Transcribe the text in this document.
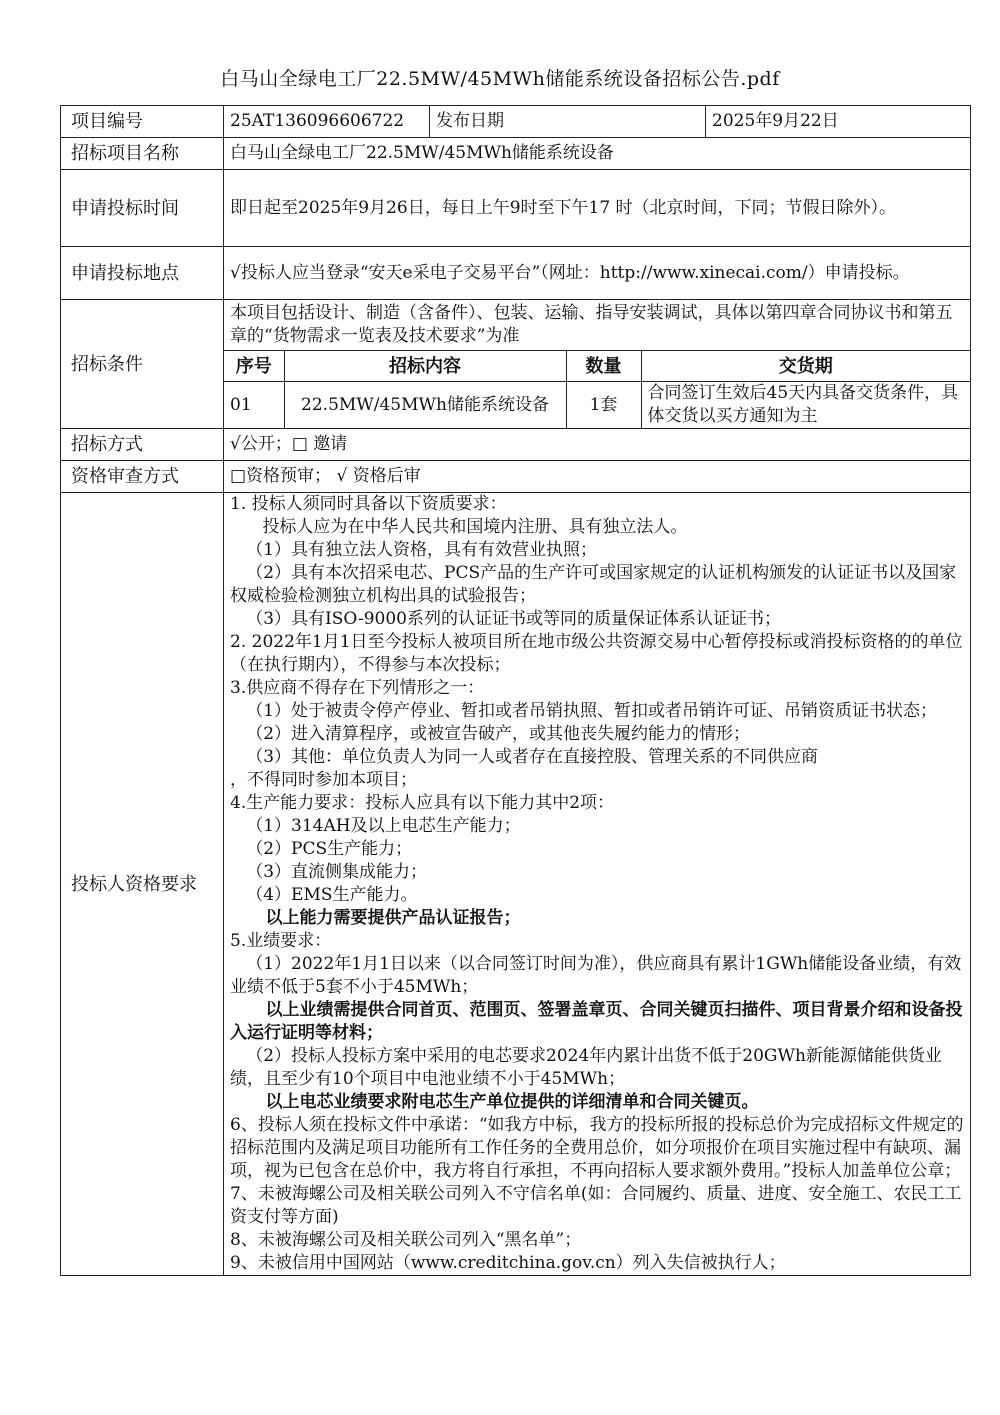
白马山全绿电工厂22.5MW/45MWh储能系统设备招标公告.pdf
项目编号	25AT136096606722	发布日期	2025年9月22日
招标项目名称	白马山全绿电工厂22.5MW/45MWh储能系统设备
申请投标时间	即日起至2025年9月26日，每日上午9时至下午17 时（北京时间，下同；节假日除外）。
申请投标地点	√投标人应当登录“安天e采电子交易平台”（网址：http://www.xinecai.com/）申请投标。
招标条件	
本项目包括设计、制造（含备件）、包装、运输、指导安装调试，具体以第四章合同协议书和第五章的“货物需求一览表及技术要求”为准
序号	招标内容	数量	交货期
01	22.5MW/45MWh储能系统设备	1套	合同签订生效后45天内具备交货条件，具体交货以买方通知为主

招标方式	√公开；□ 邀请
资格审查方式	□资格预审； √ 资格后审
投标人资格要求	
1. 投标人须同时具备以下资质要求：
投标人应为在中华人民共和国境内注册、具有独立法人。
（1）具有独立法人资格，具有有效营业执照；
（2）具有本次招采电芯、PCS产品的生产许可或国家规定的认证机构颁发的认证证书以及国家权威检验检测独立机构出具的试验报告；
（3）具有ISO-9000系列的认证证书或等同的质量保证体系认证证书；
2. 2022年1月1日至今投标人被项目所在地市级公共资源交易中心暂停投标或消投标资格的的单位（在执行期内），不得参与本次投标；
3.供应商不得存在下列情形之一：
（1）处于被责令停产停业、暂扣或者吊销执照、暂扣或者吊销许可证、吊销资质证书状态；
（2）进入清算程序，或被宣告破产，或其他丧失履约能力的情形；
（3）其他：单位负责人为同一人或者存在直接控股、管理关系的不同供应商
，不得同时参加本项目；
4.生产能力要求：投标人应具有以下能力其中2项：
（1）314AH及以上电芯生产能力；
（2）PCS生产能力；
（3）直流侧集成能力；
（4）EMS生产能力。
以上能力需要提供产品认证报告；
5.业绩要求：
（1）2022年1月1日以来（以合同签订时间为准），供应商具有累计1GWh储能设备业绩，有效业绩不低于5套不小于45MWh；
以上业绩需提供合同首页、范围页、签署盖章页、合同关键页扫描件、项目背景介绍和设备投入运行证明等材料；
（2）投标人投标方案中采用的电芯要求2024年内累计出货不低于20GWh新能源储能供货业绩，且至少有10个项目中电池业绩不小于45MWh；
以上电芯业绩要求附电芯生产单位提供的详细清单和合同关键页。
6、投标人须在投标文件中承诺：“如我方中标，我方的投标所报的投标总价为完成招标文件规定的招标范围内及满足项目功能所有工作任务的全费用总价，如分项报价在项目实施过程中有缺项、漏项，视为已包含在总价中，我方将自行承担，不再向招标人要求额外费用。”投标人加盖单位公章；
7、未被海螺公司及相关联公司列入不守信名单(如：合同履约、质量、进度、安全施工、农民工工资支付等方面)
8、未被海螺公司及相关联公司列入“黑名单”；
9、未被信用中国网站（www.creditchina.gov.cn）列入失信被执行人；
